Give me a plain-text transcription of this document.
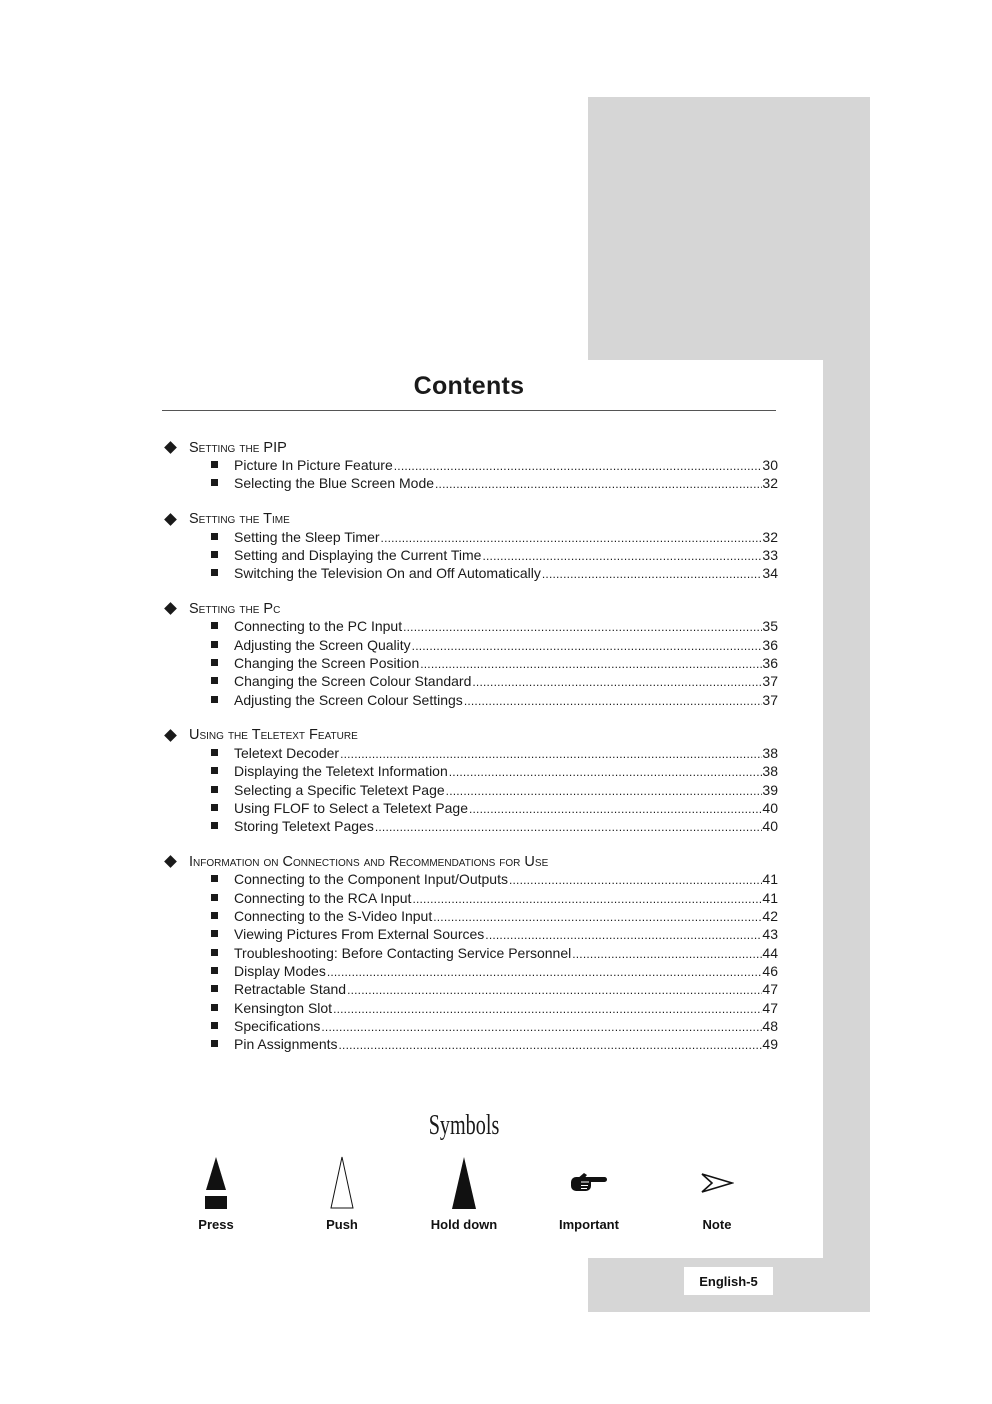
Contents
Setting the PIP
Picture In Picture Feature .....	30
Selecting the Blue Screen Mode .....	32
Setting the Time
Setting the Sleep Timer .....	32
Setting and Displaying the Current Time .....	33
Switching the Television On and Off Automatically .....	34
Setting the Pc
Connecting to the PC Input .....	35
Adjusting the Screen Quality .....	36
Changing the Screen Position .....	36
Changing the Screen Colour Standard .....	37
Adjusting the Screen Colour Settings .....	37
Using the Teletext Feature
Teletext Decoder .....	38
Displaying the Teletext Information .....	38
Selecting a Specific Teletext Page .....	39
Using FLOF to Select a Teletext Page .....	40
Storing Teletext Pages .....	40
Information on Connections and Recommendations for Use
Connecting to the Component Input/Outputs .....	41
Connecting to the RCA Input .....	41
Connecting to the S-Video Input .....	42
Viewing Pictures From External Sources .....	43
Troubleshooting: Before Contacting Service Personnel .....	44
Display Modes .....	46
Retractable Stand .....	47
Kensington Slot .....	47
Specifications .....	48
Pin Assignments .....	49
Symbols
Press	Push	Hold down	Important	Note
English-5
